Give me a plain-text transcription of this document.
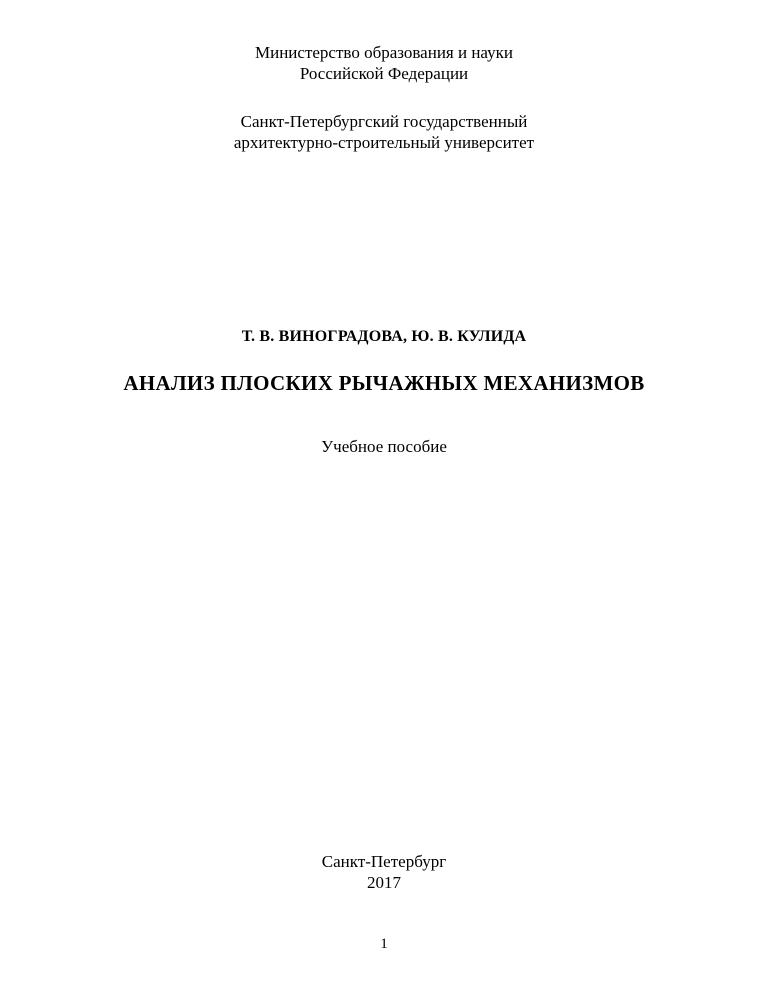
Министерство образования и науки
Российской Федерации
Санкт-Петербургский государственный
архитектурно-строительный университет
Т. В. ВИНОГРАДОВА, Ю. В. КУЛИДА
АНАЛИЗ ПЛОСКИХ РЫЧАЖНЫХ МЕХАНИЗМОВ
Учебное пособие
Санкт-Петербург
2017
1
